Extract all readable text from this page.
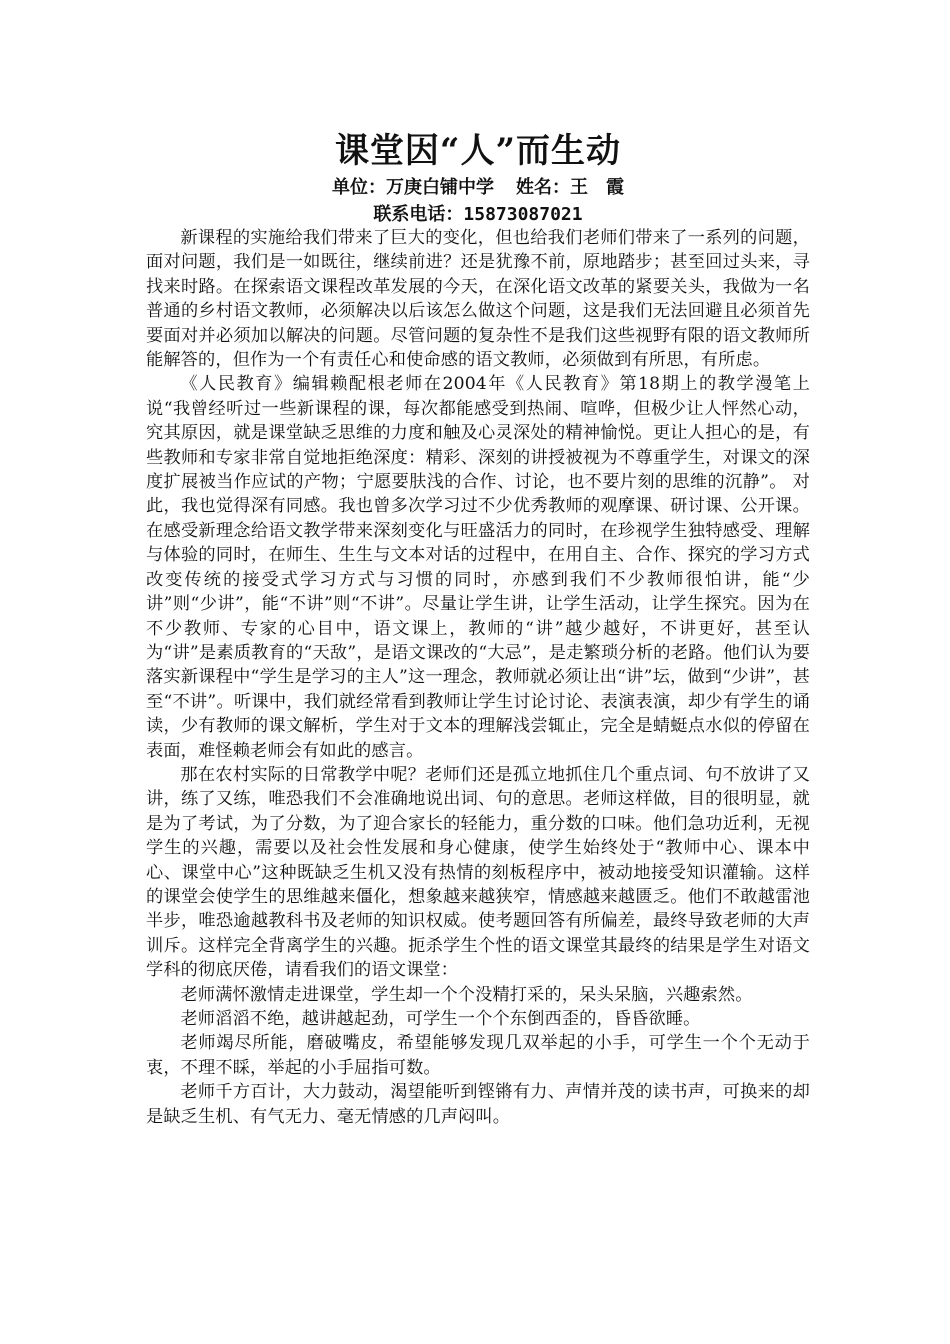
课堂因“人”而生动

单位：万庚白铺中学 姓名：王　霞

联系电话：15873087021

新课程的实施给我们带来了巨大的变化，但也给我们老师们带来了一系列的问题，面对问题，我们是一如既往，继续前进？还是犹豫不前，原地踏步；甚至回过头来，寻找来时路。在探索语文课程改革发展的今天，在深化语文改革的紧要关头，我做为一名普通的乡村语文教师，必须解决以后该怎么做这个问题，这是我们无法回避且必须首先要面对并必须加以解决的问题。尽管问题的复杂性不是我们这些视野有限的语文教师所能解答的，但作为一个有责任心和使命感的语文教师，必须做到有所思，有所虑。

《人民教育》编辑赖配根老师在2004年《人民教育》第18期上的教学漫笔上说“我曾经听过一些新课程的课，每次都能感受到热闹、喧哗，但极少让人怦然心动，究其原因，就是课堂缺乏思维的力度和触及心灵深处的精神愉悦。更让人担心的是，有些教师和专家非常自觉地拒绝深度：精彩、深刻的讲授被视为不尊重学生，对课文的深度扩展被当作应试的产物；宁愿要肤浅的合作、讨论，也不要片刻的思维的沉静”。 对此，我也觉得深有同感。我也曾多次学习过不少优秀教师的观摩课、研讨课、公开课。在感受新理念给语文教学带来深刻变化与旺盛活力的同时，在珍视学生独特感受、理解与体验的同时，在师生、生生与文本对话的过程中，在用自主、合作、探究的学习方式改变传统的接受式学习方式与习惯的同时，亦感到我们不少教师很怕讲，能“少讲”则“少讲”，能“不讲”则“不讲”。尽量让学生讲，让学生活动，让学生探究。因为在不少教师、专家的心目中，语文课上，教师的“讲”越少越好，不讲更好，甚至认为“讲”是素质教育的“天敌”，是语文课改的“大忌”，是走繁琐分析的老路。他们认为要落实新课程中“学生是学习的主人”这一理念，教师就必须让出“讲”坛，做到“少讲”，甚至“不讲”。听课中，我们就经常看到教师让学生讨论讨论、表演表演，却少有学生的诵读，少有教师的课文解析，学生对于文本的理解浅尝辄止，完全是蜻蜓点水似的停留在表面，难怪赖老师会有如此的感言。

那在农村实际的日常教学中呢？老师们还是孤立地抓住几个重点词、句不放讲了又讲，练了又练，唯恐我们不会准确地说出词、句的意思。老师这样做，目的很明显，就是为了考试，为了分数，为了迎合家长的轻能力，重分数的口味。他们急功近利，无视学生的兴趣，需要以及社会性发展和身心健康，使学生始终处于“教师中心、课本中心、课堂中心”这种既缺乏生机又没有热情的刻板程序中，被动地接受知识灌输。这样的课堂会使学生的思维越来僵化，想象越来越狭窄，情感越来越匮乏。他们不敢越雷池半步，唯恐逾越教科书及老师的知识权威。使考题回答有所偏差，最终导致老师的大声训斥。这样完全背离学生的兴趣。扼杀学生个性的语文课堂其最终的结果是学生对语文学科的彻底厌倦，请看我们的语文课堂：

老师满怀激情走进课堂，学生却一个个没精打采的，呆头呆脑，兴趣索然。

老师滔滔不绝，越讲越起劲，可学生一个个东倒西歪的，昏昏欲睡。

老师竭尽所能，磨破嘴皮，希望能够发现几双举起的小手，可学生一个个无动于衷，不理不睬，举起的小手屈指可数。

老师千方百计，大力鼓动，渴望能听到铿锵有力、声情并茂的读书声，可换来的却是缺乏生机、有气无力、毫无情感的几声闷叫。
